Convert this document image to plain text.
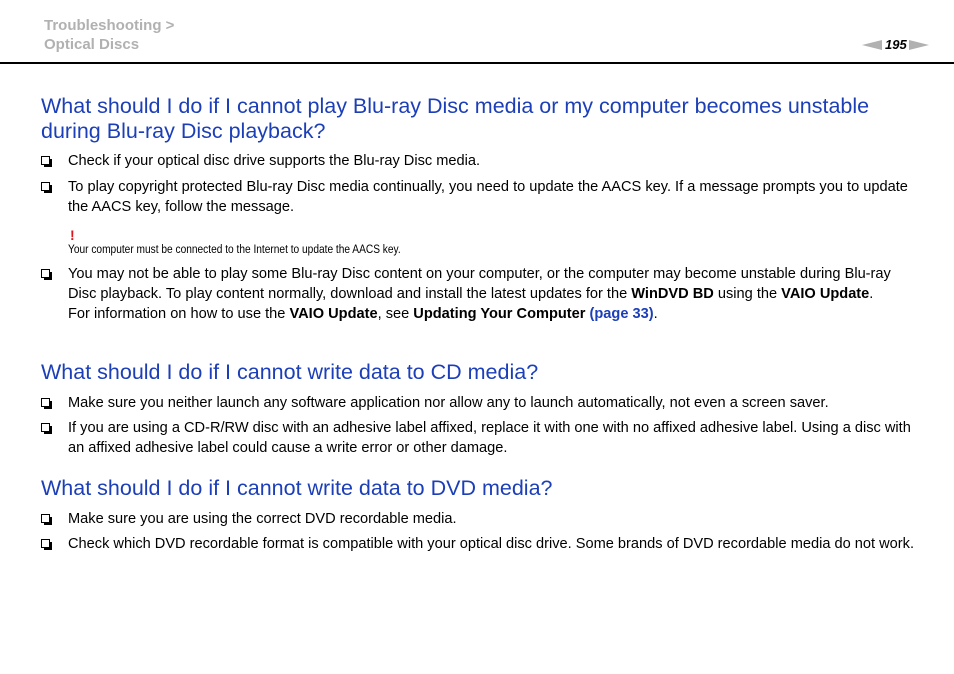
Troubleshooting >
Optical Discs	195
What should I do if I cannot play Blu-ray Disc media or my computer becomes unstable
during Blu-ray Disc playback?
Check if your optical disc drive supports the Blu-ray Disc media.
To play copyright protected Blu-ray Disc media continually, you need to update the AACS key. If a message prompts you to update the AACS key, follow the message.
!
Your computer must be connected to the Internet to update the AACS key.
You may not be able to play some Blu-ray Disc content on your computer, or the computer may become unstable during Blu-ray Disc playback. To play content normally, download and install the latest updates for the WinDVD BD using the VAIO Update.
For information on how to use the VAIO Update, see Updating Your Computer (page 33).
What should I do if I cannot write data to CD media?
Make sure you neither launch any software application nor allow any to launch automatically, not even a screen saver.
If you are using a CD-R/RW disc with an adhesive label affixed, replace it with one with no affixed adhesive label. Using a disc with an affixed adhesive label could cause a write error or other damage.
What should I do if I cannot write data to DVD media?
Make sure you are using the correct DVD recordable media.
Check which DVD recordable format is compatible with your optical disc drive. Some brands of DVD recordable media do not work.
